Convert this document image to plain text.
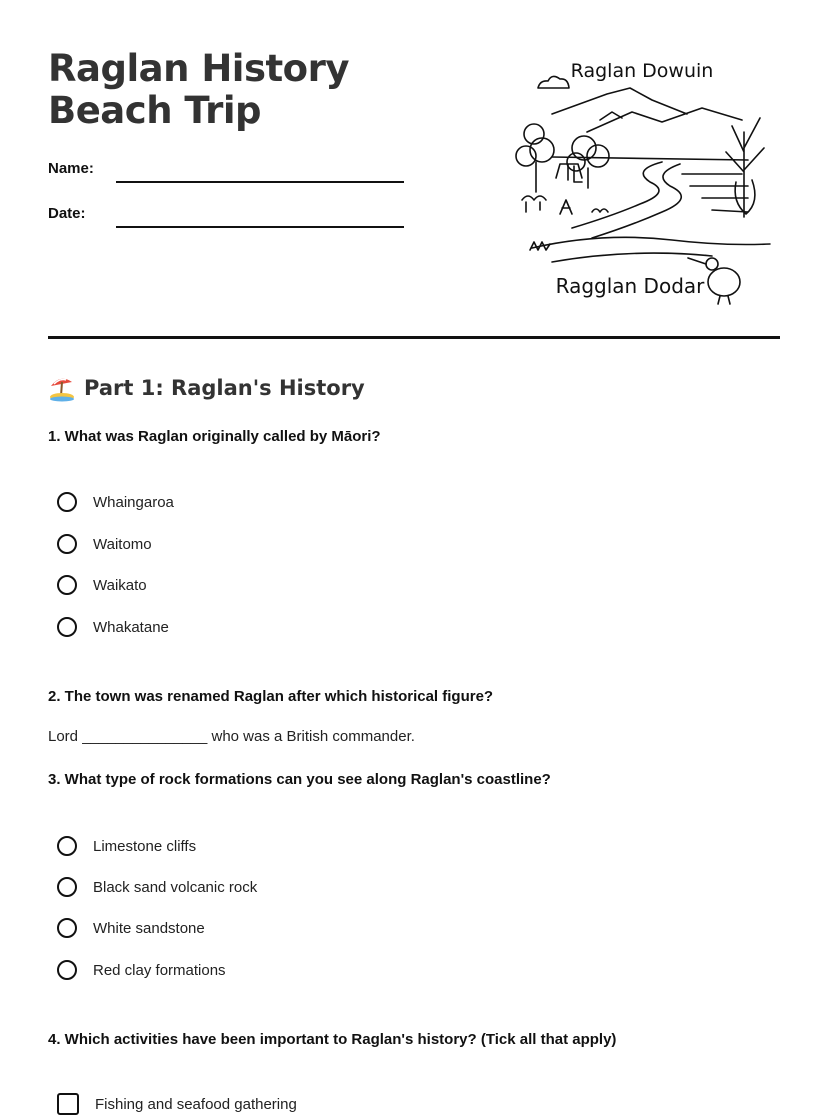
Raglan History Beach Trip
Name:
Date:
Raglan Dowuin
Ragglan Dodar
Part 1: Raglan's History

1. What was Raglan originally called by Māori?

Whaingaroa
Waitomo
Waikato
Whakatane

2. The town was renamed Raglan after which historical figure?

Lord _______________ who was a British commander.

3. What type of rock formations can you see along Raglan's coastline?

Limestone cliffs
Black sand volcanic rock
White sandstone
Red clay formations

4. Which activities have been important to Raglan's history? (Tick all that apply)

Fishing and seafood gathering
